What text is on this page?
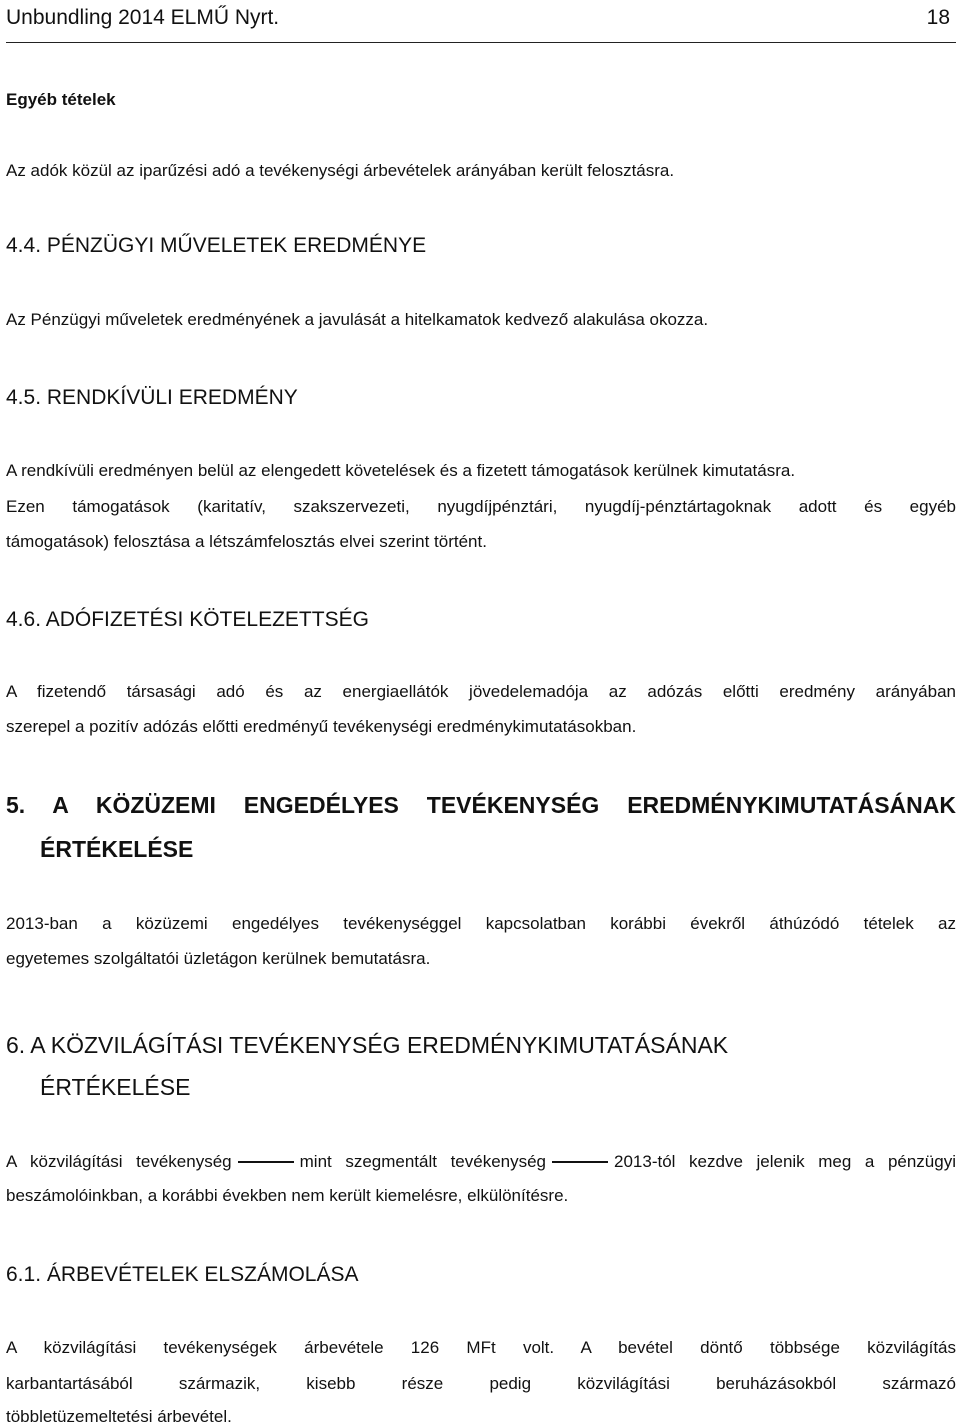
Unbundling 2014 ELMŰ Nyrt.	18
Egyéb tételek
Az adók közül az iparűzési adó a tevékenységi árbevételek arányában került felosztásra.
4.4. PÉNZÜGYI MŰVELETEK EREDMÉNYE
Az Pénzügyi műveletek eredményének a javulását a hitelkamatok kedvező alakulása okozza.
4.5. RENDKÍVÜLI EREDMÉNY
A rendkívüli eredményen belül az elengedett követelések és a fizetett támogatások kerülnek kimutatásra.
Ezen támogatások (karitatív, szakszervezeti, nyugdíjpénztári, nyugdíj-pénztártagoknak adott és egyéb
támogatások) felosztása a létszámfelosztás elvei szerint történt.
4.6. ADÓFIZETÉSI KÖTELEZETTSÉG
A fizetendő társasági adó és az energiaellátók jövedelemadója az adózás előtti eredmény arányában
szerepel a pozitív adózás előtti eredményű tevékenységi eredménykimutatásokban.
5. A KÖZÜZEMI ENGEDÉLYES TEVÉKENYSÉG EREDMÉNYKIMUTATÁSÁNAK
ÉRTÉKELÉSE
2013-ban a közüzemi engedélyes tevékenységgel kapcsolatban korábbi évekről áthúzódó tételek az
egyetemes szolgáltatói üzletágon kerülnek bemutatásra.
6. A KÖZVILÁGÍTÁSI TEVÉKENYSÉG EREDMÉNYKIMUTATÁSÁNAK
ÉRTÉKELÉSE
A közvilágítási tevékenység	mint szegmentált tevékenység	2013-tól kezdve jelenik meg a pénzügyi
beszámolóinkban, a korábbi években nem került kiemelésre, elkülönítésre.
6.1. ÁRBEVÉTELEK ELSZÁMOLÁSA
A közvilágítási tevékenységek árbevétele 126 MFt volt. A bevétel döntő többsége közvilágítás
karbantartásából származik, kisebb része pedig közvilágítási beruházásokból származó
többletüzemeltetési árbevétel.
